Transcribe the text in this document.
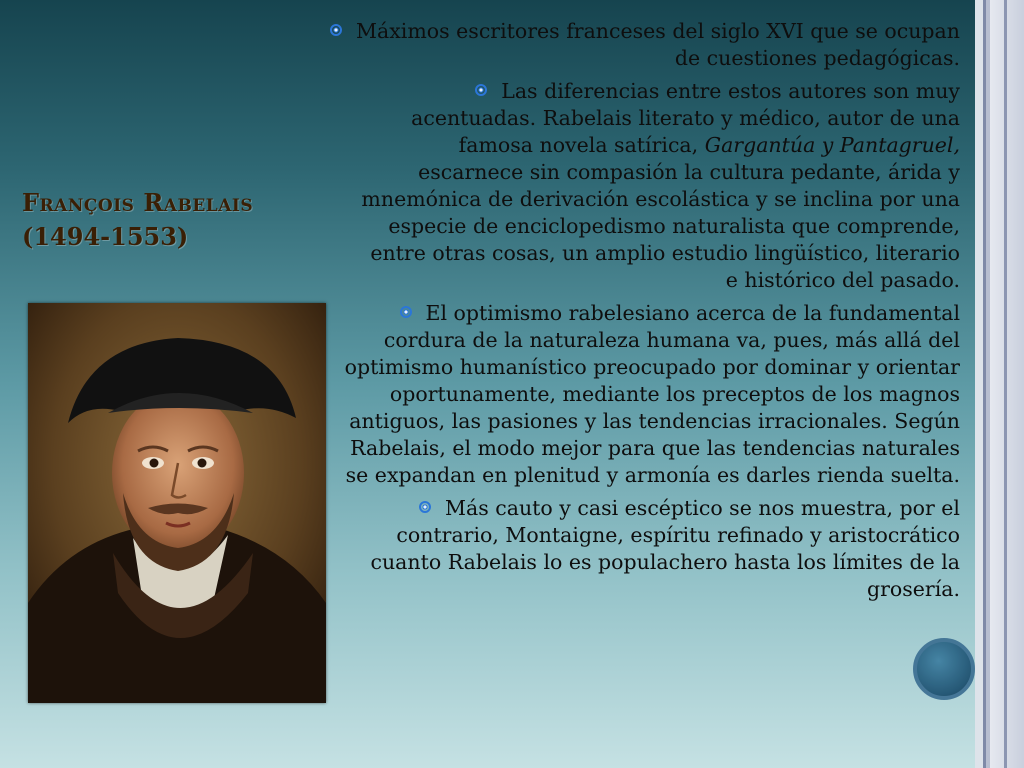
François Rabelais
(1494-1553)

Máximos escritores franceses del siglo XVI que se ocupan de cuestiones pedagógicas.

Las diferencias entre estos autores son muy acentuadas. Rabelais literato y médico, autor de una famosa novela satírica, Gargantúa y Pantagruel, escarnece sin compasión la cultura pedante, árida y mnemónica de derivación escolástica y se inclina por una especie de enciclopedismo naturalista que comprende, entre otras cosas, un amplio estudio lingüístico, literario e histórico del pasado.

El optimismo rabelesiano acerca de la fundamental cordura de la naturaleza humana va, pues, más allá del optimismo humanístico preocupado por dominar y orientar oportunamente, mediante los preceptos de los magnos antiguos, las pasiones y las tendencias irracionales. Según Rabelais, el modo mejor para que las tendencias naturales se expandan en plenitud y armonía es darles rienda suelta.

Más cauto y casi escéptico se nos muestra, por el contrario, Montaigne, espíritu refinado y aristocrático cuanto Rabelais lo es populachero hasta los límites de la grosería.
